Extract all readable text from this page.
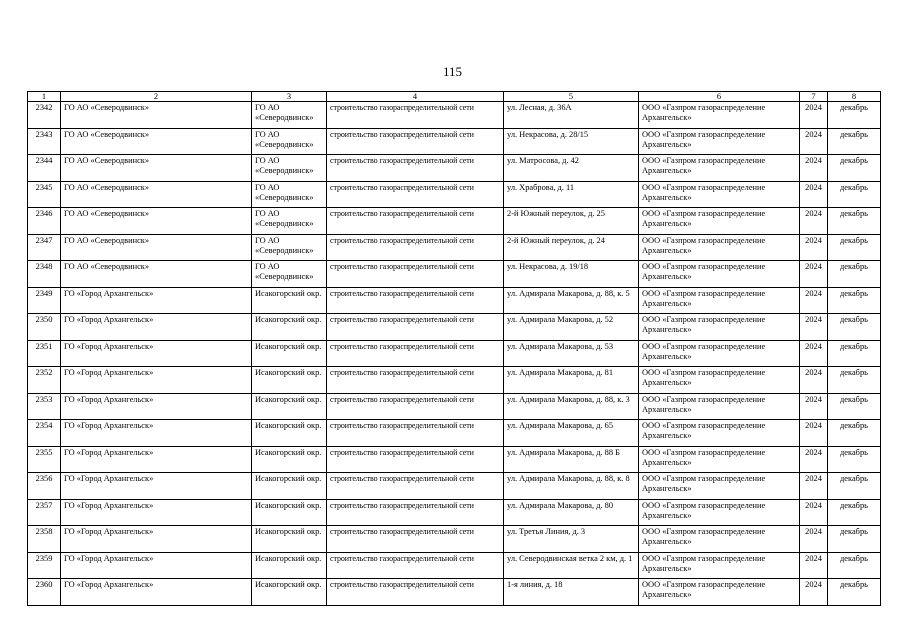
115
1	2	3	4	5	6	7	8
2342	ГО АО «Северодвинск»	ГО АО «Северодвинск»	строительство газораспределительной сети	ул. Лесная, д. 36А	ООО «Газпром газораспределение Архангельск»	2024	декабрь
2343	ГО АО «Северодвинск»	ГО АО «Северодвинск»	строительство газораспределительной сети	ул. Некрасова, д. 28/15	ООО «Газпром газораспределение Архангельск»	2024	декабрь
2344	ГО АО «Северодвинск»	ГО АО «Северодвинск»	строительство газораспределительной сети	ул. Матросова, д. 42	ООО «Газпром газораспределение Архангельск»	2024	декабрь
2345	ГО АО «Северодвинск»	ГО АО «Северодвинск»	строительство газораспределительной сети	ул. Храброва, д. 11	ООО «Газпром газораспределение Архангельск»	2024	декабрь
2346	ГО АО «Северодвинск»	ГО АО «Северодвинск»	строительство газораспределительной сети	2-й Южный переулок, д. 25	ООО «Газпром газораспределение Архангельск»	2024	декабрь
2347	ГО АО «Северодвинск»	ГО АО «Северодвинск»	строительство газораспределительной сети	2-й Южный переулок, д. 24	ООО «Газпром газораспределение Архангельск»	2024	декабрь
2348	ГО АО «Северодвинск»	ГО АО «Северодвинск»	строительство газораспределительной сети	ул. Некрасова, д. 19/18	ООО «Газпром газораспределение Архангельск»	2024	декабрь
2349	ГО «Город Архангельск»	Исакогорский окр.	строительство газораспределительной сети	ул. Адмирала Макарова, д. 88, к. 5	ООО «Газпром газораспределение Архангельск»	2024	декабрь
2350	ГО «Город Архангельск»	Исакогорский окр.	строительство газораспределительной сети	ул. Адмирала Макарова, д. 52	ООО «Газпром газораспределение Архангельск»	2024	декабрь
2351	ГО «Город Архангельск»	Исакогорский окр.	строительство газораспределительной сети	ул. Адмирала Макарова, д. 53	ООО «Газпром газораспределение Архангельск»	2024	декабрь
2352	ГО «Город Архангельск»	Исакогорский окр.	строительство газораспределительной сети	ул. Адмирала Макарова, д. 81	ООО «Газпром газораспределение Архангельск»	2024	декабрь
2353	ГО «Город Архангельск»	Исакогорский окр.	строительство газораспределительной сети	ул. Адмирала Макарова, д. 88, к. 3	ООО «Газпром газораспределение Архангельск»	2024	декабрь
2354	ГО «Город Архангельск»	Исакогорский окр.	строительство газораспределительной сети	ул. Адмирала Макарова, д. 65	ООО «Газпром газораспределение Архангельск»	2024	декабрь
2355	ГО «Город Архангельск»	Исакогорский окр.	строительство газораспределительной сети	ул. Адмирала Макарова, д. 88 Б	ООО «Газпром газораспределение Архангельск»	2024	декабрь
2356	ГО «Город Архангельск»	Исакогорский окр.	строительство газораспределительной сети	ул. Адмирала Макарова, д. 88, к. 8	ООО «Газпром газораспределение Архангельск»	2024	декабрь
2357	ГО «Город Архангельск»	Исакогорский окр.	строительство газораспределительной сети	ул. Адмирала Макарова, д. 80	ООО «Газпром газораспределение Архангельск»	2024	декабрь
2358	ГО «Город Архангельск»	Исакогорский окр.	строительство газораспределительной сети	ул. Третья Линия, д. 3	ООО «Газпром газораспределение Архангельск»	2024	декабрь
2359	ГО «Город Архангельск»	Исакогорский окр.	строительство газораспределительной сети	ул. Северодвинская ветка 2 км, д. 1	ООО «Газпром газораспределение Архангельск»	2024	декабрь
2360	ГО «Город Архангельск»	Исакогорский окр.	строительство газораспределительной сети	1-я линия, д. 18	ООО «Газпром газораспределение Архангельск»	2024	декабрь
